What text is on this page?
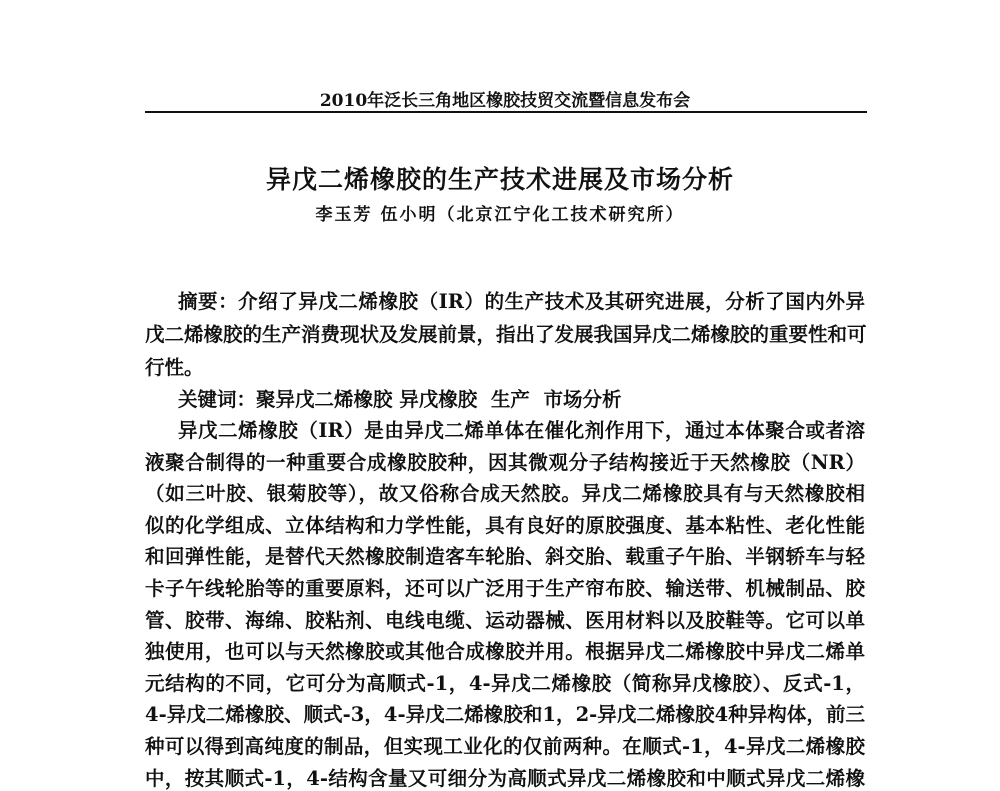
2010年泛长三角地区橡胶技贸交流暨信息发布会
异戊二烯橡胶的生产技术进展及市场分析
李玉芳 伍小明（北京江宁化工技术研究所）
摘要：介绍了异戊二烯橡胶（IR）的生产技术及其研究进展，分析了国内外异
戊二烯橡胶的生产消费现状及发展前景，指出了发展我国异戊二烯橡胶的重要性和可
行性。
关键词：聚异戊二烯橡胶 异戊橡胶  生产  市场分析
异戊二烯橡胶（IR）是由异戊二烯单体在催化剂作用下，通过本体聚合或者溶
液聚合制得的一种重要合成橡胶胶种，因其微观分子结构接近于天然橡胶（NR）
（如三叶胶、银菊胶等），故又俗称合成天然胶。异戊二烯橡胶具有与天然橡胶相
似的化学组成、立体结构和力学性能，具有良好的原胶强度、基本粘性、老化性能
和回弹性能，是替代天然橡胶制造客车轮胎、斜交胎、载重子午胎、半钢轿车与轻
卡子午线轮胎等的重要原料，还可以广泛用于生产帘布胶、输送带、机械制品、胶
管、胶带、海绵、胶粘剂、电线电缆、运动器械、医用材料以及胶鞋等。它可以单
独使用，也可以与天然橡胶或其他合成橡胶并用。根据异戊二烯橡胶中异戊二烯单
元结构的不同，它可分为高顺式-1，4-异戊二烯橡胶（简称异戊橡胶）、反式-1，
4-异戊二烯橡胶、顺式-3，4-异戊二烯橡胶和1，2-异戊二烯橡胶4种异构体，前三
种可以得到高纯度的制品，但实现工业化的仅前两种。在顺式-1，4-异戊二烯橡胶
中，按其顺式-1，4-结构含量又可细分为高顺式异戊二烯橡胶和中顺式异戊二烯橡
